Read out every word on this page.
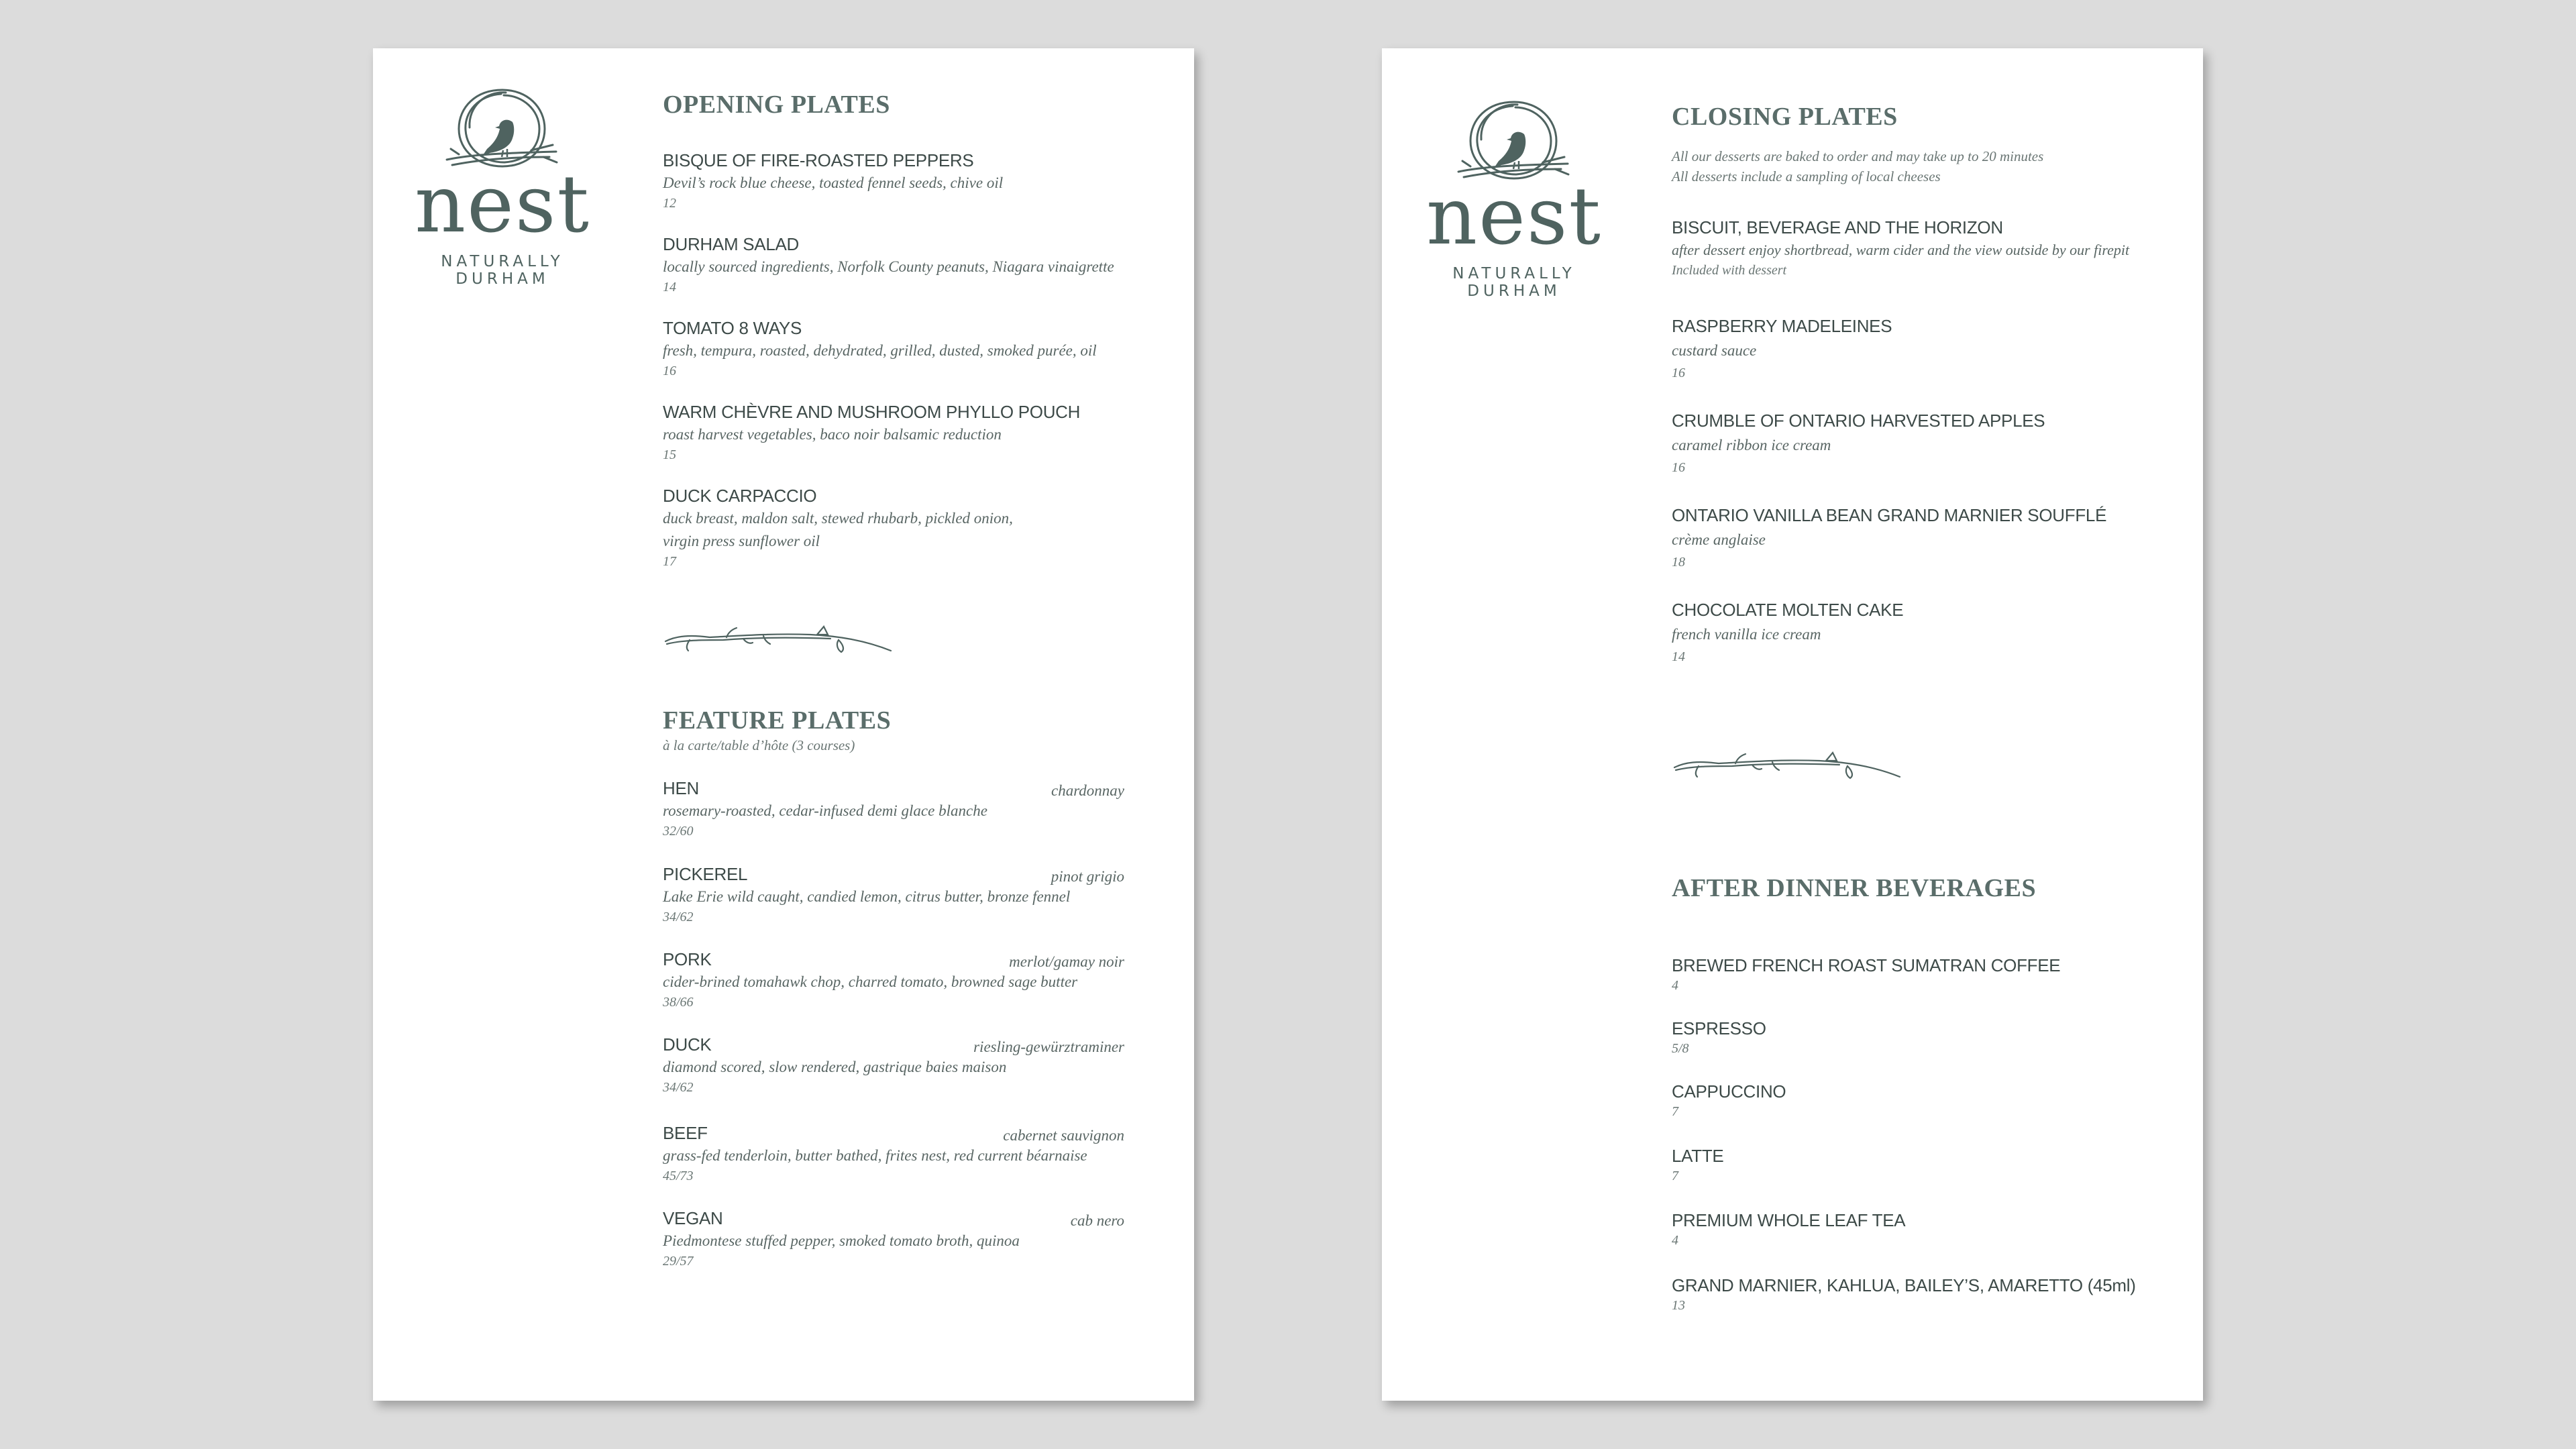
nest
NATURALLY DURHAM
OPENING PLATES
BISQUE OF FIRE-ROASTED PEPPERS
Devil’s rock blue cheese, toasted fennel seeds, chive oil
12
DURHAM SALAD
locally sourced ingredients, Norfolk County peanuts, Niagara vinaigrette
14
TOMATO 8 WAYS
fresh, tempura, roasted, dehydrated, grilled, dusted, smoked purée, oil
16
WARM CHÈVRE AND MUSHROOM PHYLLO POUCH
roast harvest vegetables, baco noir balsamic reduction
15
DUCK CARPACCIO
duck breast, maldon salt, stewed rhubarb, pickled onion,
virgin press sunflower oil
17
FEATURE PLATES
à la carte/table d’hôte (3 courses)
HEN	chardonnay
rosemary-roasted, cedar-infused demi glace blanche
32/60
PICKEREL	pinot grigio
Lake Erie wild caught, candied lemon, citrus butter, bronze fennel
34/62
PORK	merlot/gamay noir
cider-brined tomahawk chop, charred tomato, browned sage butter
38/66
DUCK	riesling-gewürztraminer
diamond scored, slow rendered, gastrique baies maison
34/62
BEEF	cabernet sauvignon
grass-fed tenderloin, butter bathed, frites nest, red current béarnaise
45/73
VEGAN	cab nero
Piedmontese stuffed pepper, smoked tomato broth, quinoa
29/57
nest
NATURALLY DURHAM
CLOSING PLATES
All our desserts are baked to order and may take up to 20 minutes
All desserts include a sampling of local cheeses
BISCUIT, BEVERAGE AND THE HORIZON
after dessert enjoy shortbread, warm cider and the view outside by our firepit
Included with dessert
RASPBERRY MADELEINES
custard sauce
16
CRUMBLE OF ONTARIO HARVESTED APPLES
caramel ribbon ice cream
16
ONTARIO VANILLA BEAN GRAND MARNIER SOUFFLÉ
crème anglaise
18
CHOCOLATE MOLTEN CAKE
french vanilla ice cream
14
AFTER DINNER BEVERAGES
BREWED FRENCH ROAST SUMATRAN COFFEE
4
ESPRESSO
5/8
CAPPUCCINO
7
LATTE
7
PREMIUM WHOLE LEAF TEA
4
GRAND MARNIER, KAHLUA, BAILEY’S, AMARETTO (45ml)
13
